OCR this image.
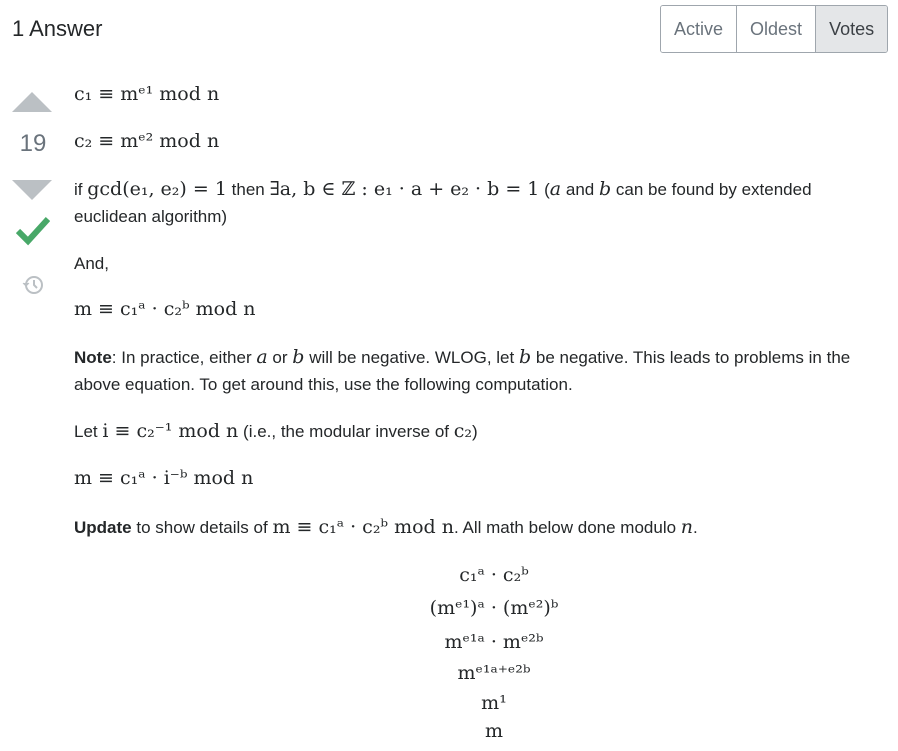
1 Answer	Active	Oldest	Votes
19
c₁ ≡ mᵉ¹ mod n
c₂ ≡ mᵉ² mod n
if gcd(e₁, e₂) = 1 then ∃a, b ∈ ℤ : e₁ · a + e₂ · b = 1 (a and b can be found by extended euclidean algorithm)
And,
m ≡ c₁ᵃ · c₂ᵇ mod n
Note: In practice, either a or b will be negative. WLOG, let b be negative. This leads to problems in the above equation. To get around this, use the following computation.
Let i ≡ c₂⁻¹ mod n (i.e., the modular inverse of c₂)
m ≡ c₁ᵃ · i⁻ᵇ mod n
Update to show details of m ≡ c₁ᵃ · c₂ᵇ mod n. All math below done modulo n.
c₁ᵃ · c₂ᵇ
(mᵉ¹)ᵃ · (mᵉ²)ᵇ
mᵉ¹ᵃ · mᵉ²ᵇ
mᵉ¹ᵃ⁺ᵉ²ᵇ
m¹
m
